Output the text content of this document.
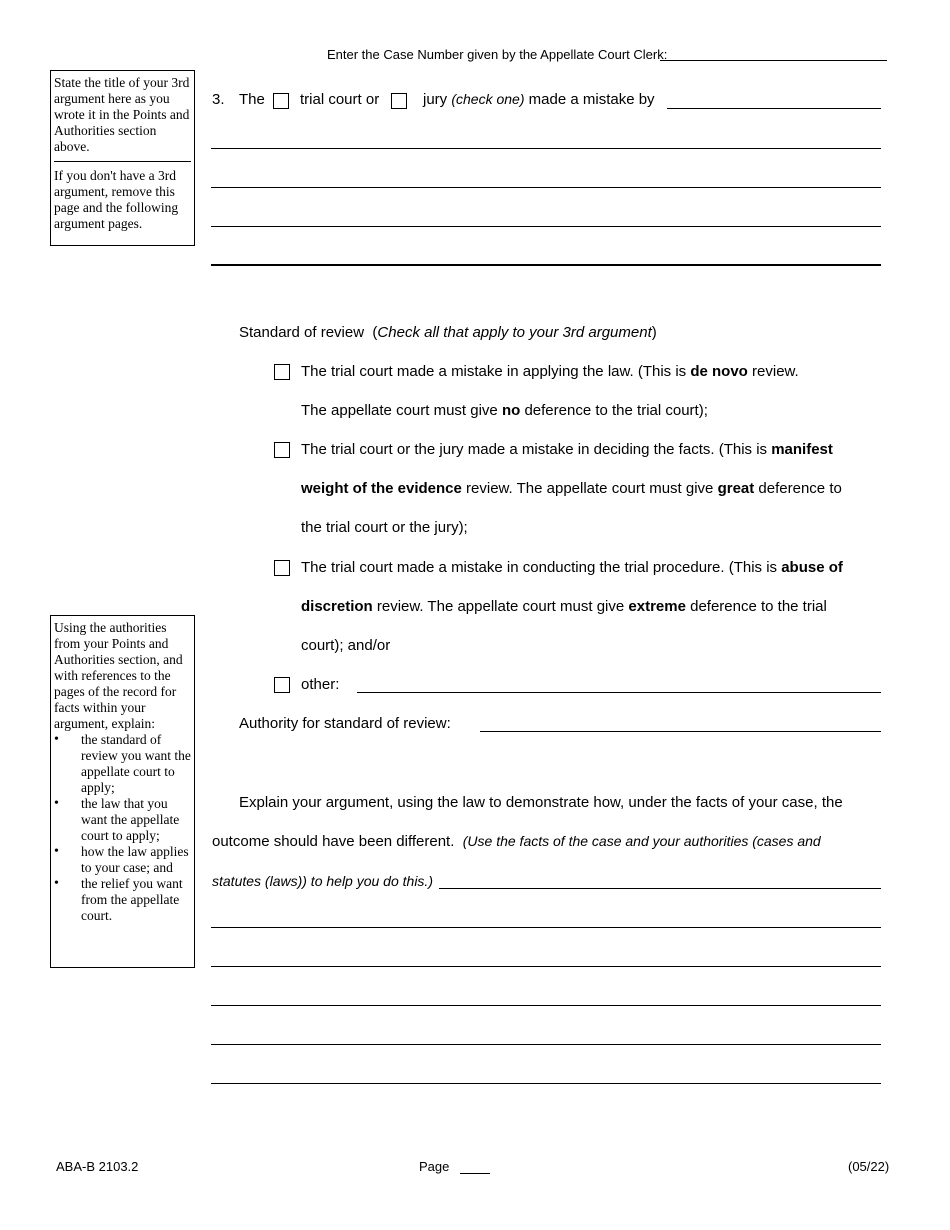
Enter the Case Number given by the Appellate Court Clerk:
State the title of your 3rd argument here as you wrote it in the Points and Authorities section above.
If you don't have a 3rd argument, remove this page and the following argument pages.
3. The trial court or	jury (check one) made a mistake by
Standard of review  (Check all that apply to your 3rd argument)
The trial court made a mistake in applying the law. (This is de novo review.
The appellate court must give no deference to the trial court);
The trial court or the jury made a mistake in deciding the facts. (This is manifest
weight of the evidence review. The appellate court must give great deference to
the trial court or the jury);
The trial court made a mistake in conducting the trial procedure. (This is abuse of
discretion review. The appellate court must give extreme deference to the trial
court); and/or
other:
Authority for standard of review:
Using the authorities from your Points and Authorities section, and with references to the pages of the record for facts within your argument, explain:
• the standard of review you want the appellate court to apply;
• the law that you want the appellate court to apply;
• how the law applies to your case; and
• the relief you want from the appellate court.
Explain your argument, using the law to demonstrate how, under the facts of your case, the
outcome should have been different. (Use the facts of the case and your authorities (cases and
statutes (laws)) to help you do this.)
ABA-B 2103.2	Page	(05/22)
